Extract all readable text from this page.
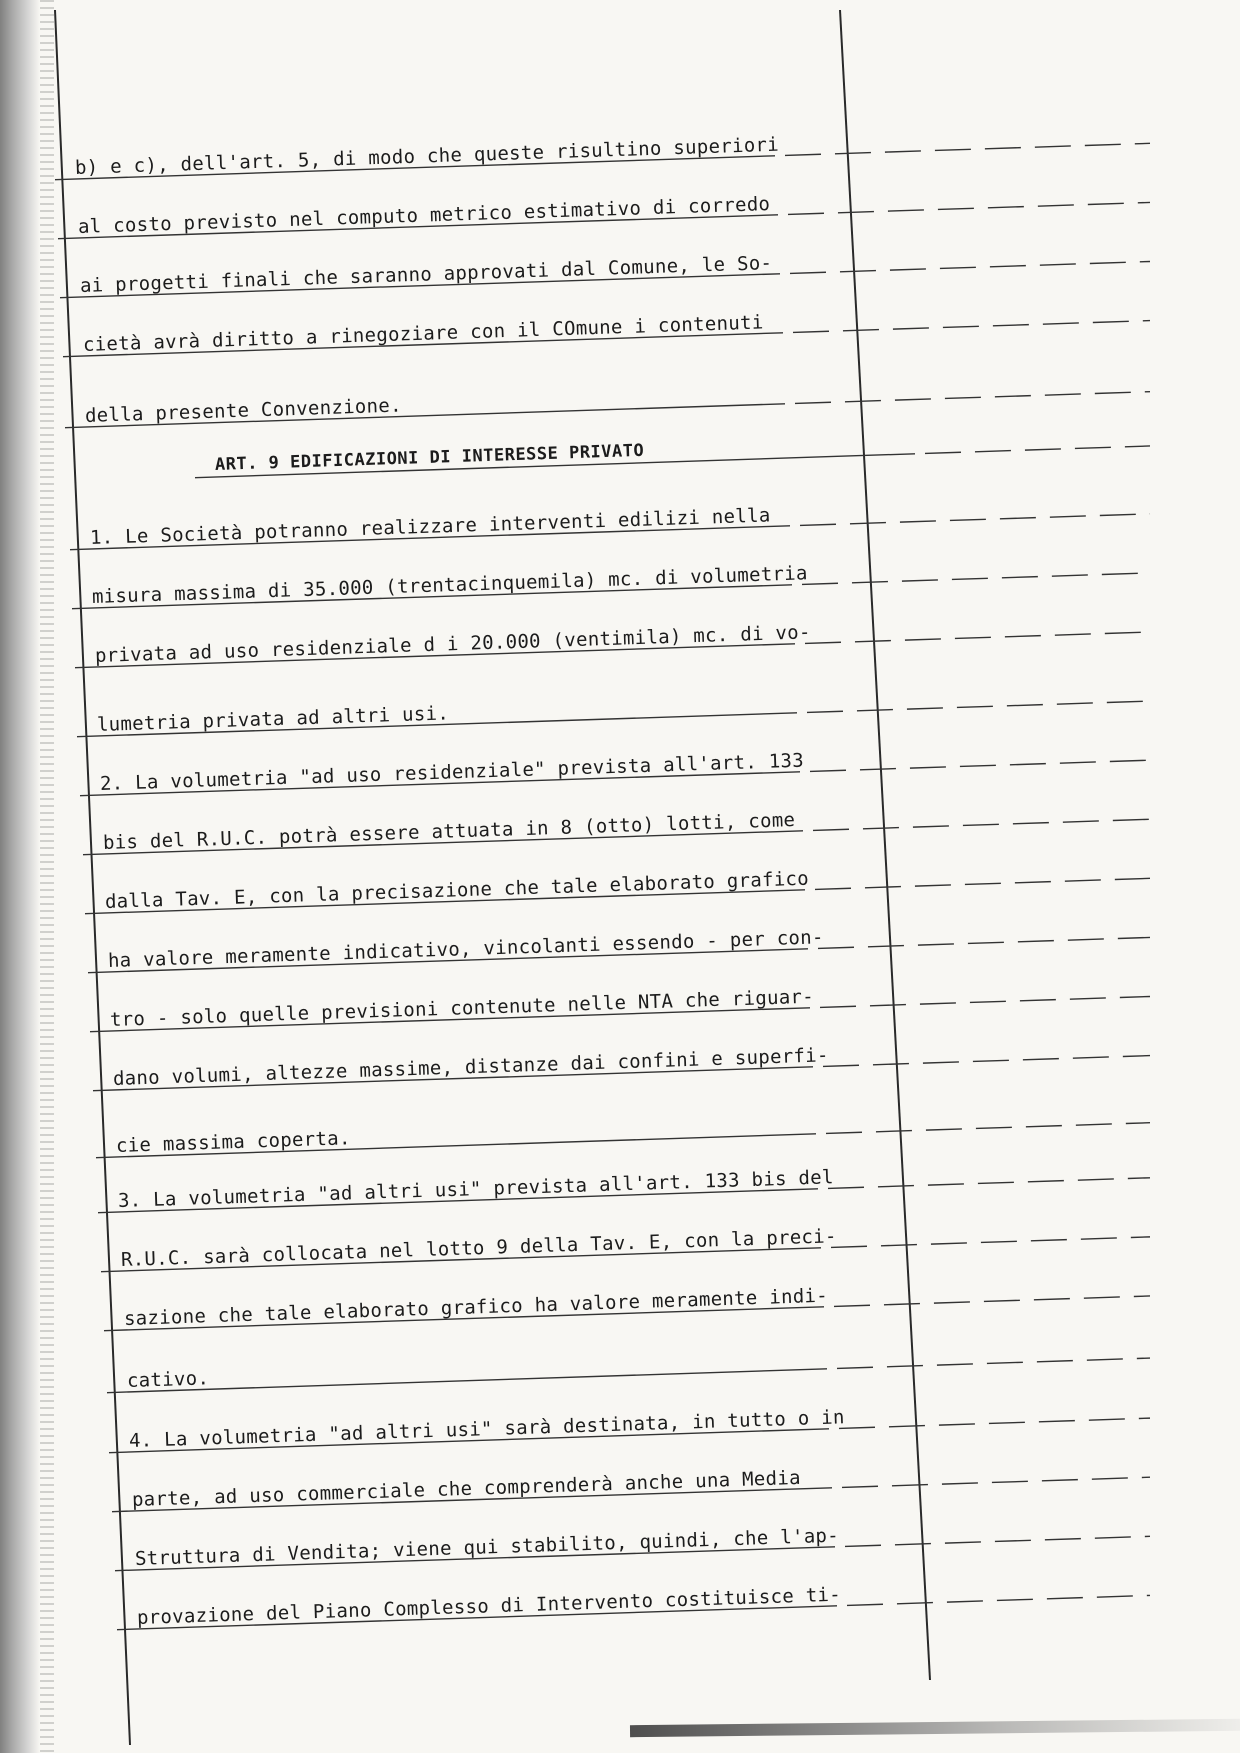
b) e c), dell'art. 5, di modo che queste risultino superiori
al costo previsto nel computo metrico estimativo di corredo
ai progetti finali che saranno approvati dal Comune, le So-
cietà avrà diritto a rinegoziare con il COmune i contenuti
della presente Convenzione.
ART. 9 EDIFICAZIONI DI INTERESSE PRIVATO
1. Le Società potranno realizzare interventi edilizi nella
misura massima di 35.000 (trentacinquemila) mc. di volumetria
privata ad uso residenziale d i 20.000 (ventimila) mc. di vo-
lumetria privata ad altri usi.
2. La volumetria "ad uso residenziale" prevista all'art. 133
bis del R.U.C. potrà essere attuata in 8 (otto) lotti, come
dalla Tav. E, con la precisazione che tale elaborato grafico
ha valore meramente indicativo, vincolanti essendo - per con-
tro - solo quelle previsioni contenute nelle NTA che riguar-
dano volumi, altezze massime, distanze dai confini e superfi-
cie massima coperta.
3. La volumetria "ad altri usi" prevista all'art. 133 bis del
R.U.C. sarà collocata nel lotto 9 della Tav. E, con la preci-
sazione che tale elaborato grafico ha valore meramente indi-
cativo.
4. La volumetria "ad altri usi" sarà destinata, in tutto o in
parte, ad uso commerciale che comprenderà anche una Media
Struttura di Vendita; viene qui stabilito, quindi, che l'ap-
provazione del Piano Complesso di Intervento costituisce ti-
